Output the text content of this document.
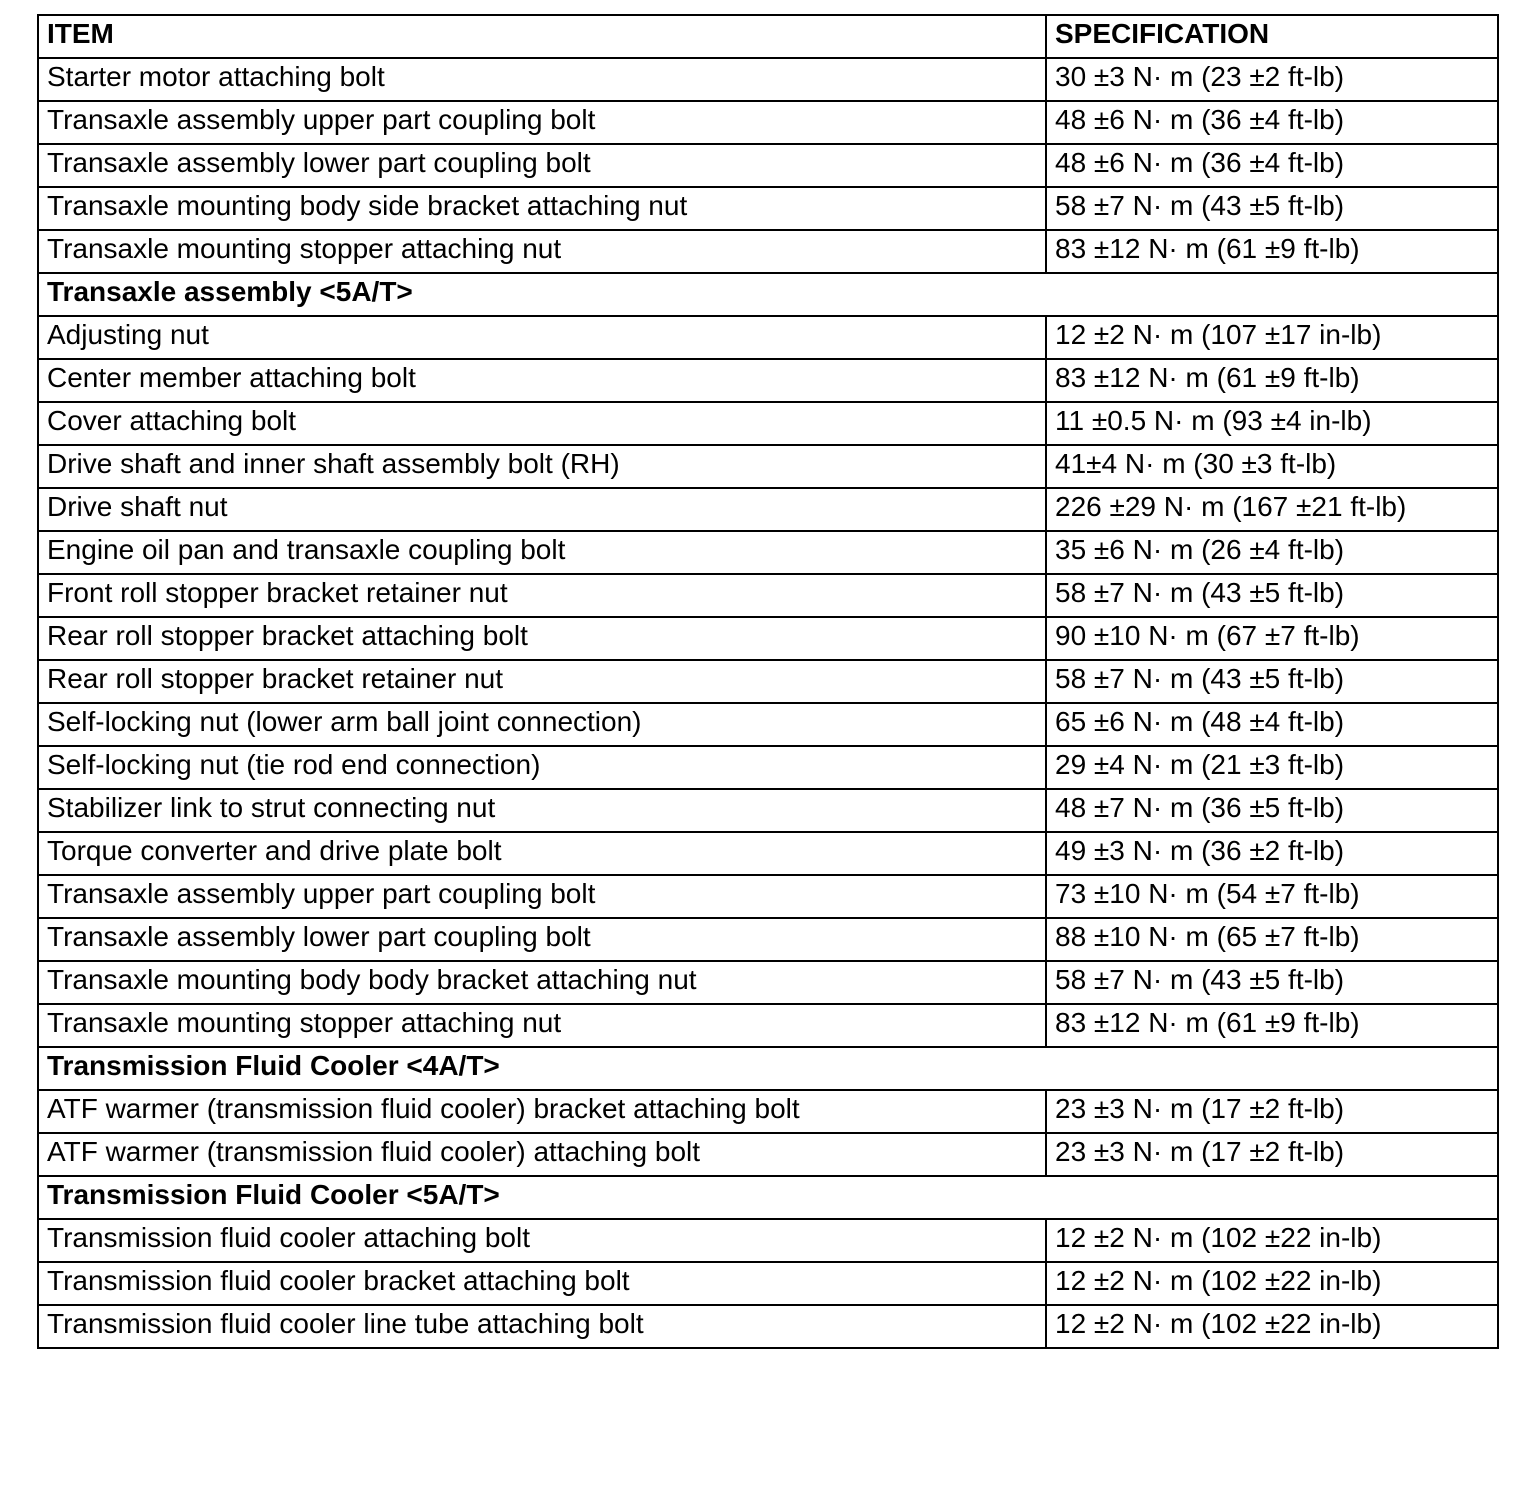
ITEM	SPECIFICATION
Starter motor attaching bolt	30 ±3 N· m (23 ±2 ft-lb)
Transaxle assembly upper part coupling bolt	48 ±6 N· m (36 ±4 ft-lb)
Transaxle assembly lower part coupling bolt	48 ±6 N· m (36 ±4 ft-lb)
Transaxle mounting body side bracket attaching nut	58 ±7 N· m (43 ±5 ft-lb)
Transaxle mounting stopper attaching nut	83 ±12 N· m (61 ±9 ft-lb)
Transaxle assembly <5A/T>	
Adjusting nut	12 ±2 N· m (107 ±17 in-lb)
Center member attaching bolt	83 ±12 N· m (61 ±9 ft-lb)
Cover attaching bolt	11 ±0.5 N· m (93 ±4 in-lb)
Drive shaft and inner shaft assembly bolt (RH)	41±4 N· m (30 ±3 ft-lb)
Drive shaft nut	226 ±29 N· m (167 ±21 ft-lb)
Engine oil pan and transaxle coupling bolt	35 ±6 N· m (26 ±4 ft-lb)
Front roll stopper bracket retainer nut	58 ±7 N· m (43 ±5 ft-lb)
Rear roll stopper bracket attaching bolt	90 ±10 N· m (67 ±7 ft-lb)
Rear roll stopper bracket retainer nut	58 ±7 N· m (43 ±5 ft-lb)
Self-locking nut (lower arm ball joint connection)	65 ±6 N· m (48 ±4 ft-lb)
Self-locking nut (tie rod end connection)	29 ±4 N· m (21 ±3 ft-lb)
Stabilizer link to strut connecting nut	48 ±7 N· m (36 ±5 ft-lb)
Torque converter and drive plate bolt	49 ±3 N· m (36 ±2 ft-lb)
Transaxle assembly upper part coupling bolt	73 ±10 N· m (54 ±7 ft-lb)
Transaxle assembly lower part coupling bolt	88 ±10 N· m (65 ±7 ft-lb)
Transaxle mounting body body bracket attaching nut	58 ±7 N· m (43 ±5 ft-lb)
Transaxle mounting stopper attaching nut	83 ±12 N· m (61 ±9 ft-lb)
Transmission Fluid Cooler <4A/T>	
ATF warmer (transmission fluid cooler) bracket attaching bolt	23 ±3 N· m (17 ±2 ft-lb)
ATF warmer (transmission fluid cooler) attaching bolt	23 ±3 N· m (17 ±2 ft-lb)
Transmission Fluid Cooler <5A/T>	
Transmission fluid cooler attaching bolt	12 ±2 N· m (102 ±22 in-lb)
Transmission fluid cooler bracket attaching bolt	12 ±2 N· m (102 ±22 in-lb)
Transmission fluid cooler line tube attaching bolt	12 ±2 N· m (102 ±22 in-lb)
